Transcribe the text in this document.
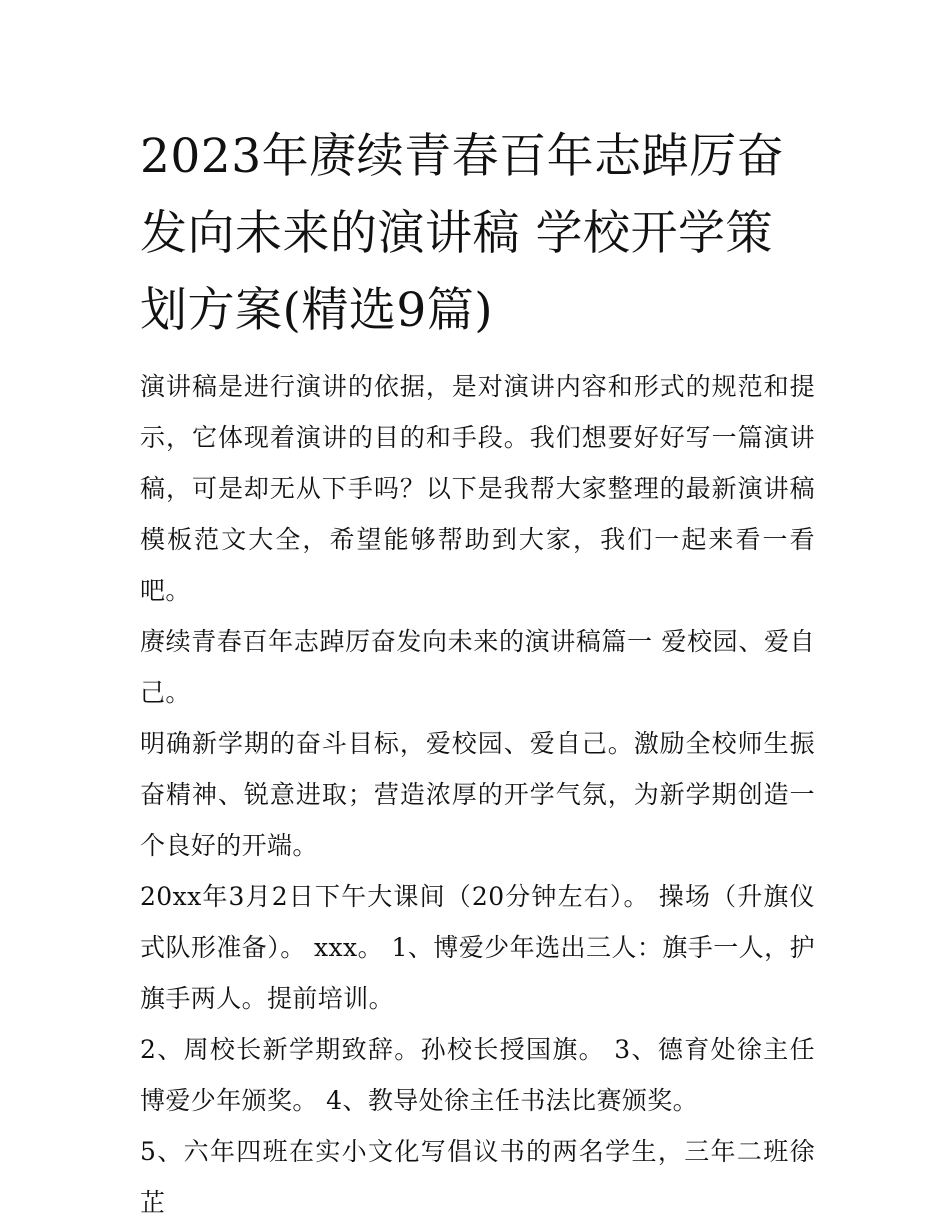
2023年赓续青春百年志踔厉奋发向未来的演讲稿 学校开学策划方案(精选9篇)

演讲稿是进行演讲的依据，是对演讲内容和形式的规范和提示，它体现着演讲的目的和手段。我们想要好好写一篇演讲稿，可是却无从下手吗？以下是我帮大家整理的最新演讲稿模板范文大全，希望能够帮助到大家，我们一起来看一看吧。

赓续青春百年志踔厉奋发向未来的演讲稿篇一 爱校园、爱自己。

明确新学期的奋斗目标，爱校园、爱自己。激励全校师生振奋精神、锐意进取；营造浓厚的开学气氛，为新学期创造一个良好的开端。

20xx年3月2日下午大课间（20分钟左右）。 操场（升旗仪式队形准备）。 xxx。 1、博爱少年选出三人：旗手一人，护旗手两人。提前培训。

2、周校长新学期致辞。孙校长授国旗。 3、德育处徐主任博爱少年颁奖。 4、教导处徐主任书法比赛颁奖。

5、六年四班在实小文化写倡议书的两名学生，三年二班徐芷
